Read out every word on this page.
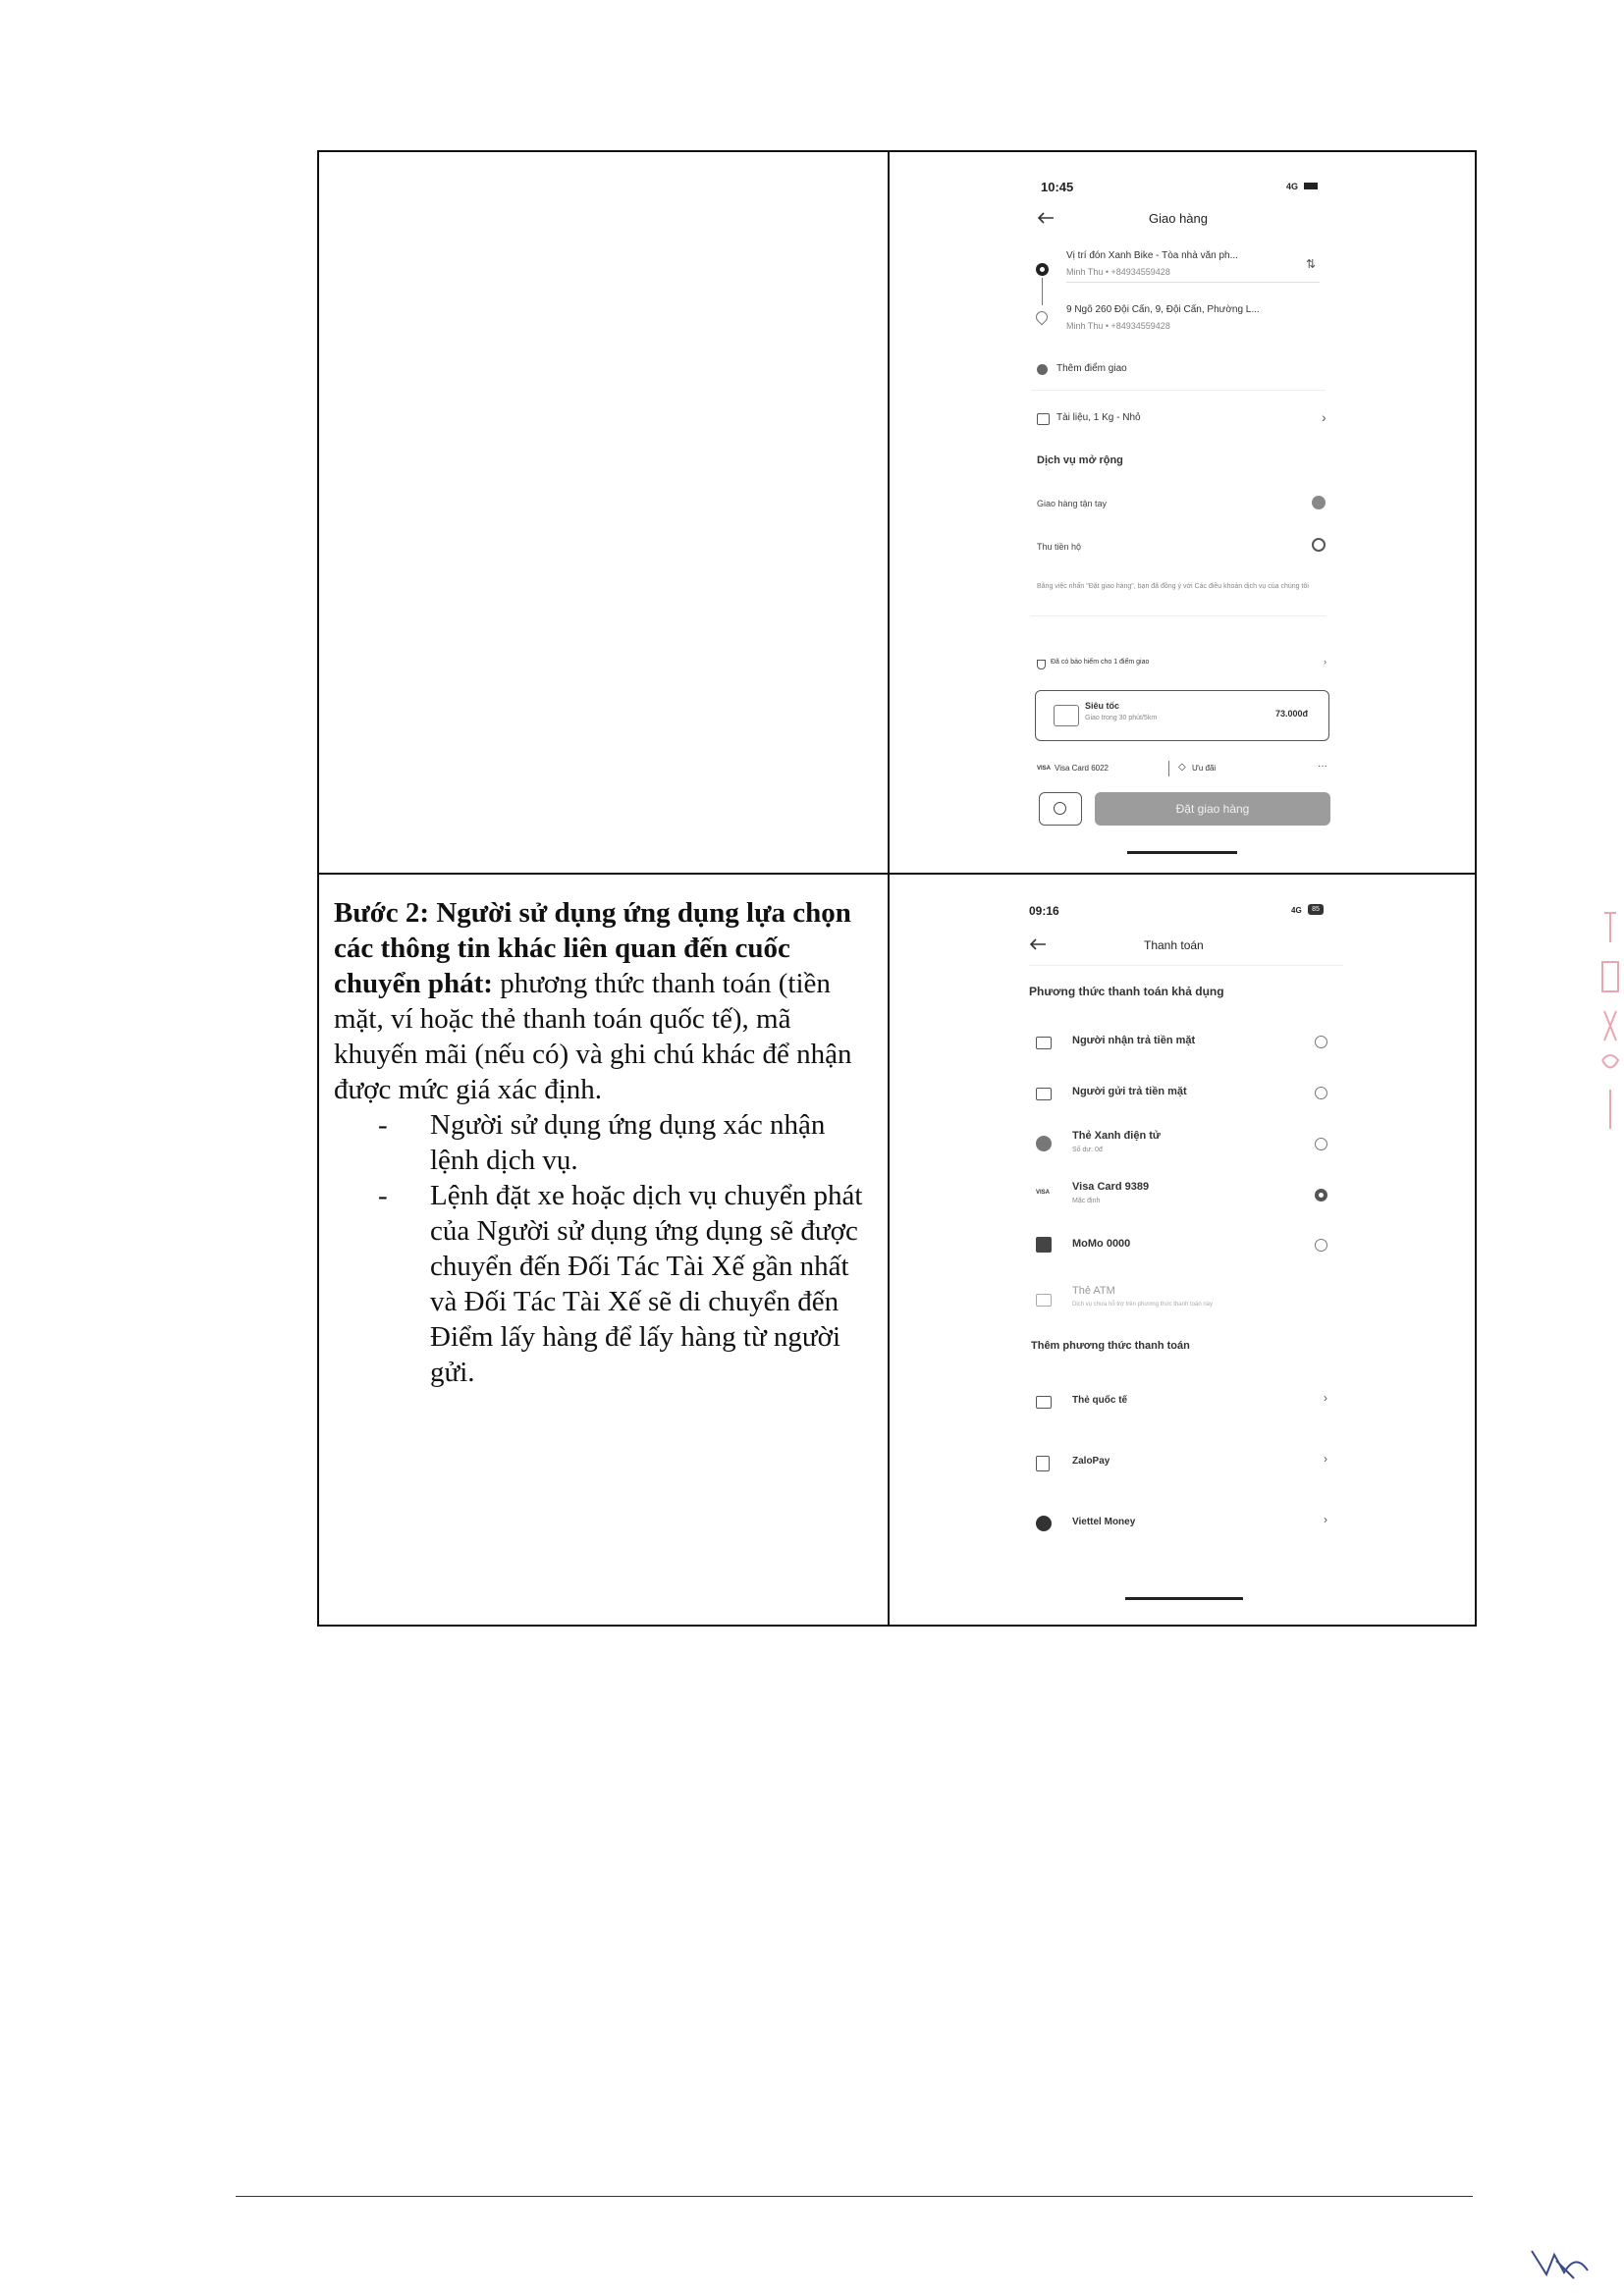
10:45	4G
Giao hàng
Vị trí đón Xanh Bike - Tòa nhà văn ph...
Minh Thu • +84934559428
⇅
9 Ngõ 260 Đội Cấn, 9, Đội Cấn, Phường L...
Minh Thu • +84934559428
Thêm điểm giao
Tài liệu, 1 Kg - Nhỏ	›
Dịch vụ mở rộng
Giao hàng tận tay
Thu tiền hộ
Bằng việc nhấn "Đặt giao hàng", bạn đã đồng ý với Các điều khoản dịch vụ của chúng tôi
Đã có bảo hiểm cho 1 điểm giao	›
Siêu tốc
Giao trong 30 phút/5km	73.000đ
VISA Visa Card 6022	◇ Ưu đãi	···
Đặt giao hàng
Bước 2: Người sử dụng ứng dụng lựa chọn các thông tin khác liên quan đến cuốc chuyển phát: phương thức thanh toán (tiền mặt, ví hoặc thẻ thanh toán quốc tế), mã khuyến mãi (nếu có) và ghi chú khác để nhận được mức giá xác định.
- Người sử dụng ứng dụng xác nhận lệnh dịch vụ.
- Lệnh đặt xe hoặc dịch vụ chuyển phát của Người sử dụng ứng dụng sẽ được chuyển đến Đối Tác Tài Xế gần nhất và Đối Tác Tài Xế sẽ di chuyển đến Điểm lấy hàng để lấy hàng từ người gửi.
09:16	4G	85
Thanh toán
Phương thức thanh toán khả dụng
Người nhận trả tiền mặt
Người gửi trả tiền mặt
Thẻ Xanh điện tử
Số dư: 0đ
VISA Visa Card 9389
Mặc định
MoMo 0000
Thẻ ATM
Dịch vụ chưa hỗ trợ trên phương thức thanh toán này
Thêm phương thức thanh toán
Thẻ quốc tế	›
ZaloPay	›
Viettel Money	›
